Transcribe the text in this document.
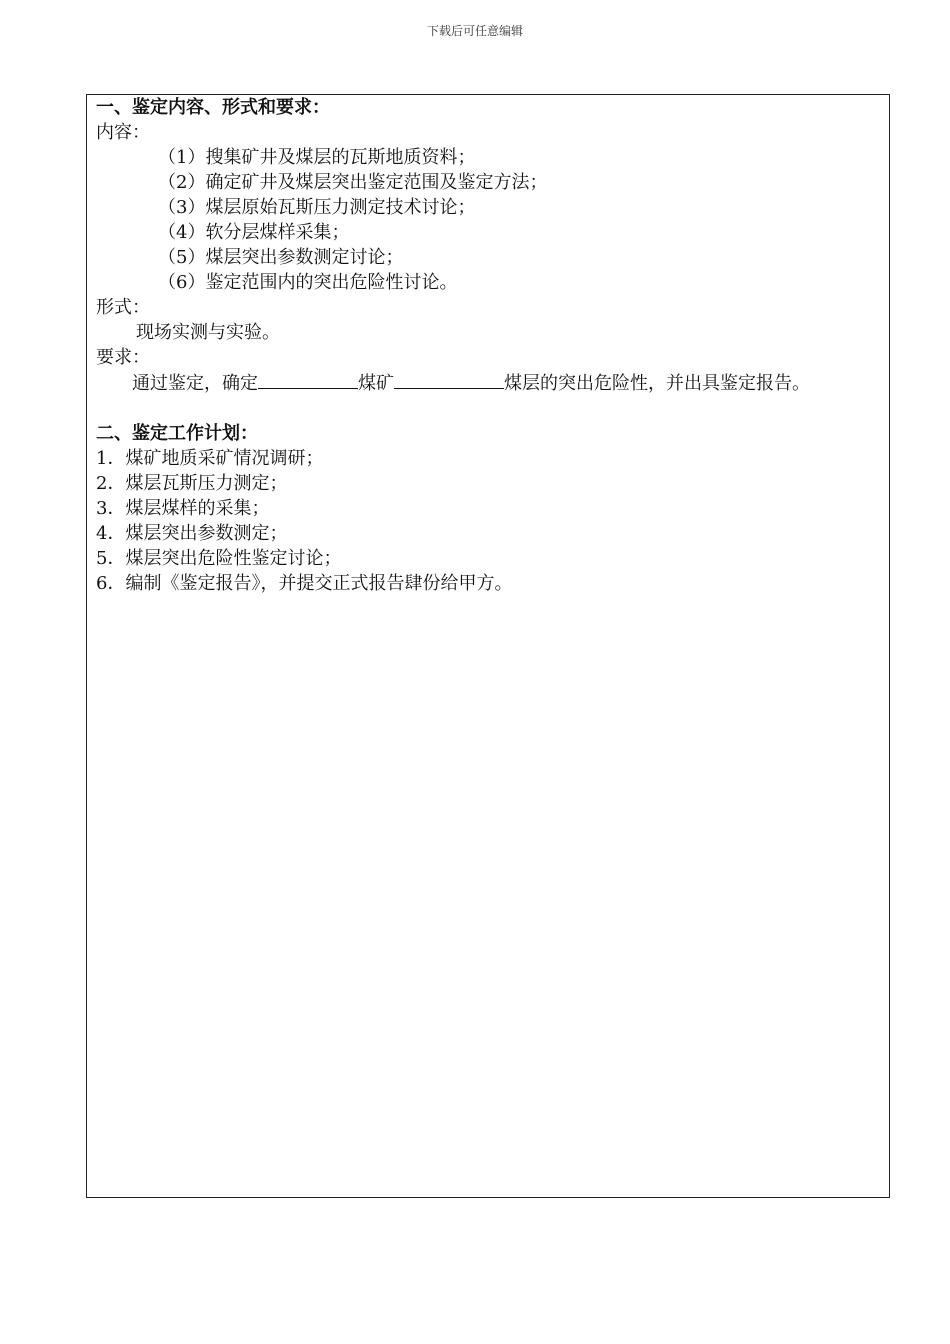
下载后可任意编辑
一、鉴定内容、形式和要求：
内容：
（1）搜集矿井及煤层的瓦斯地质资料；
（2）确定矿井及煤层突出鉴定范围及鉴定方法；
（3）煤层原始瓦斯压力测定技术讨论；
（4）软分层煤样采集；
（5）煤层突出参数测定讨论；
（6）鉴定范围内的突出危险性讨论。
形式：
现场实测与实验。
要求：
通过鉴定，确定	煤矿	煤层的突出危险性，并出具鉴定报告。
二、鉴定工作计划：
1．煤矿地质采矿情况调研；
2．煤层瓦斯压力测定；
3．煤层煤样的采集；
4．煤层突出参数测定；
5．煤层突出危险性鉴定讨论；
6．编制《鉴定报告》，并提交正式报告肆份给甲方。
